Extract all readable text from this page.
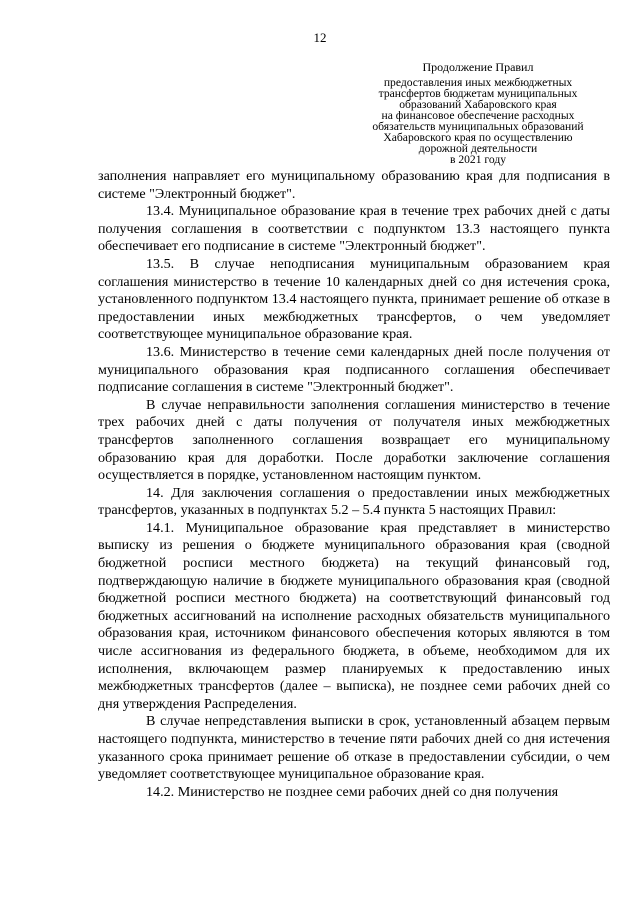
12
Продолжение Правил
предоставления иных межбюджетных
трансфертов бюджетам муниципальных
образований Хабаровского края
на финансовое обеспечение расходных
обязательств муниципальных образований
Хабаровского края по осуществлению
дорожной деятельности
в 2021 году

заполнения направляет его муниципальному образованию края для подписания в системе "Электронный бюджет".

13.4. Муниципальное образование края в течение трех рабочих дней с даты получения соглашения в соответствии с подпунктом 13.3 настоящего пункта обеспечивает его подписание в системе "Электронный бюджет".

13.5. В случае неподписания муниципальным образованием края соглашения министерство в течение 10 календарных дней со дня истечения срока, установленного подпунктом 13.4 настоящего пункта, принимает решение об отказе в предоставлении иных межбюджетных трансфертов, о чем уведомляет соответствующее муниципальное образование края.

13.6. Министерство в течение семи календарных дней после получения от муниципального образования края подписанного соглашения обеспечивает подписание соглашения в системе "Электронный бюджет".

В случае неправильности заполнения соглашения министерство в течение трех рабочих дней с даты получения от получателя иных межбюджетных трансфертов заполненного соглашения возвращает его муниципальному образованию края для доработки. После доработки заключение соглашения осуществляется в порядке, установленном настоящим пунктом.

14. Для заключения соглашения о предоставлении иных межбюджетных трансфертов, указанных в подпунктах 5.2 – 5.4 пункта 5 настоящих Правил:

14.1. Муниципальное образование края представляет в министерство выписку из решения о бюджете муниципального образования края (сводной бюджетной росписи местного бюджета) на текущий финансовый год, подтверждающую наличие в бюджете муниципального образования края (сводной бюджетной росписи местного бюджета) на соответствующий финансовый год бюджетных ассигнований на исполнение расходных обязательств муниципального образования края, источником финансового обеспечения которых являются в том числе ассигнования из федерального бюджета, в объеме, необходимом для их исполнения, включающем размер планируемых к предоставлению иных межбюджетных трансфертов (далее – выписка), не позднее семи рабочих дней со дня утверждения Распределения.

В случае непредставления выписки в срок, установленный абзацем первым настоящего подпункта, министерство в течение пяти рабочих дней со дня истечения указанного срока принимает решение об отказе в предоставлении субсидии, о чем уведомляет соответствующее муниципальное образование края.

14.2. Министерство не позднее семи рабочих дней со дня получения
